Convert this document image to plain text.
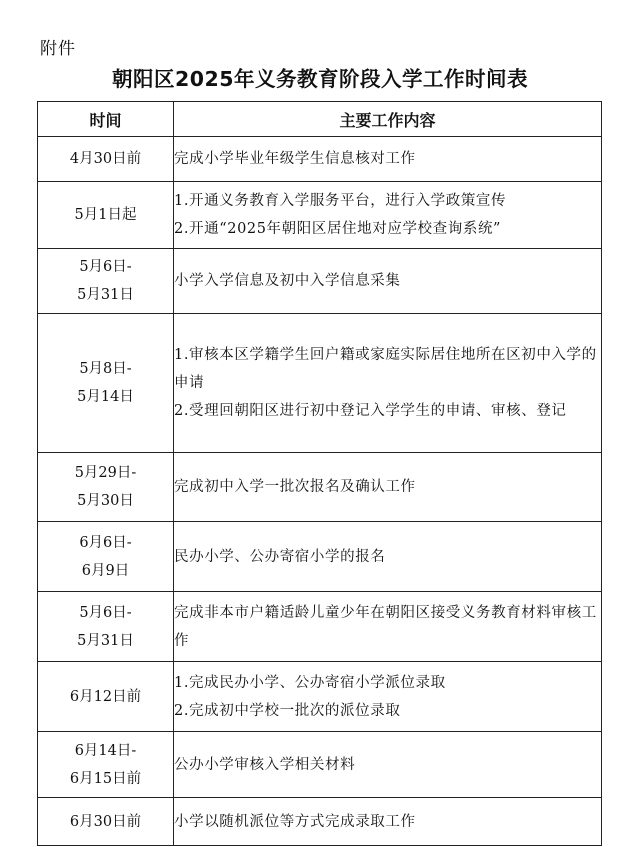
附件
朝阳区2025年义务教育阶段入学工作时间表
时间	主要工作内容

4月30日前	完成小学毕业年级学生信息核对工作

5月1日起	1.开通义务教育入学服务平台，进行入学政策宣传
2.开通“2025年朝阳区居住地对应学校查询系统”

5月6日-
5月31日	小学入学信息及初中入学信息采集

5月8日-
5月14日	1.审核本区学籍学生回户籍或家庭实际居住地所在区初中入学的申请
2.受理回朝阳区进行初中登记入学学生的申请、审核、登记

5月29日-
5月30日	完成初中入学一批次报名及确认工作

6月6日-
6月9日	民办小学、公办寄宿小学的报名

5月6日-
5月31日	完成非本市户籍适龄儿童少年在朝阳区接受义务教育材料审核工作

6月12日前	1.完成民办小学、公办寄宿小学派位录取
2.完成初中学校一批次的派位录取

6月14日-
6月15日前	公办小学审核入学相关材料

6月30日前	小学以随机派位等方式完成录取工作
